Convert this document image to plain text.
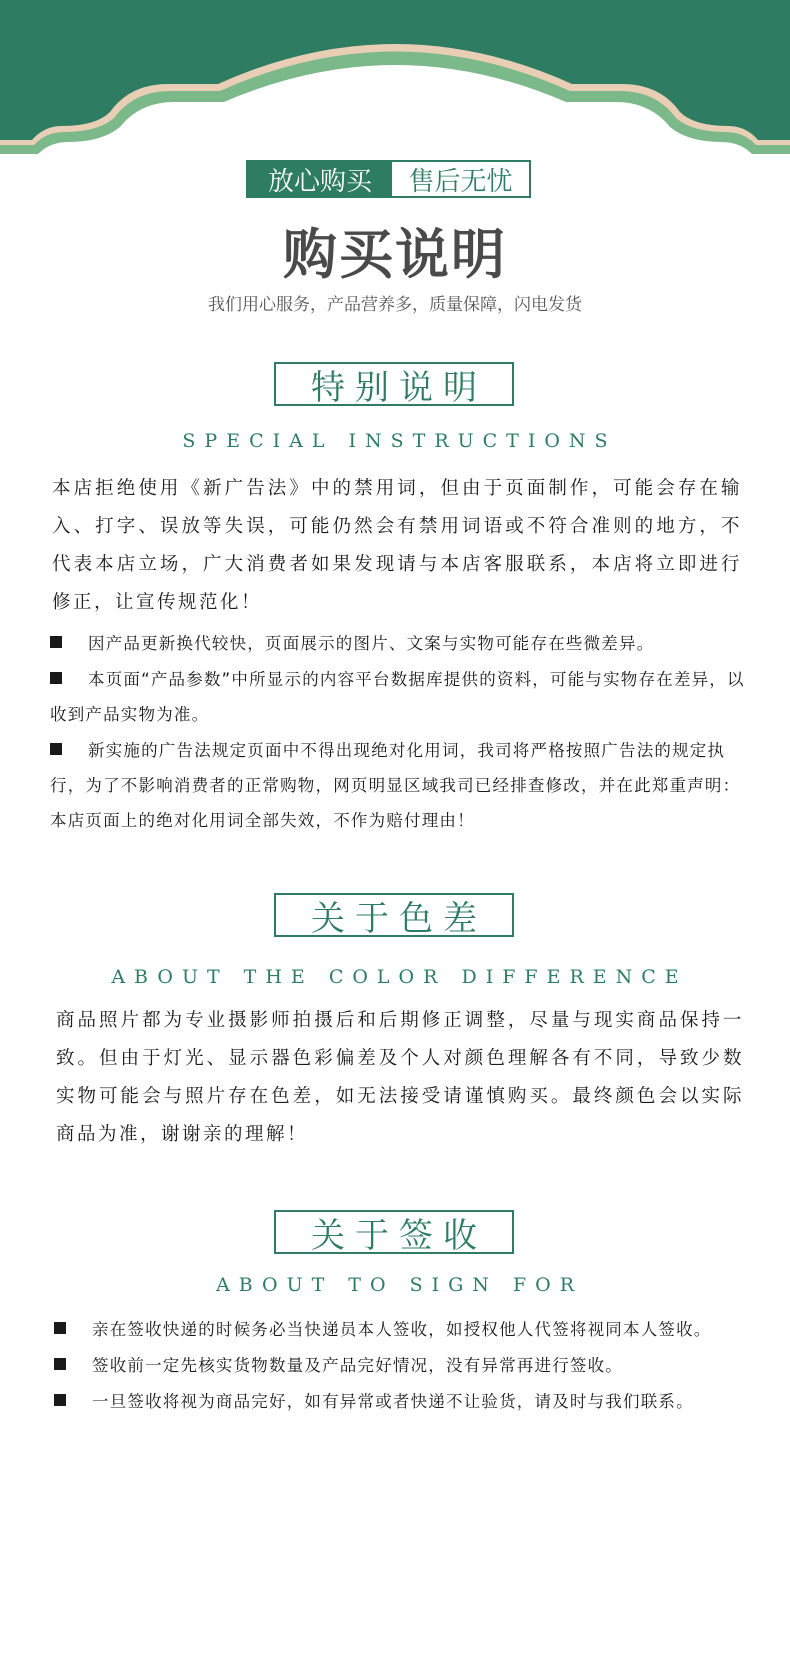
放心购买	售后无忧
购买说明
我们用心服务，产品营养多，质量保障，闪电发货
特别说明
SPECIAL INSTRUCTIONS
本店拒绝使用《新广告法》中的禁用词，但由于页面制作，可能会存在输入、打字、误放等失误，可能仍然会有禁用词语或不符合准则的地方，不代表本店立场，广大消费者如果发现请与本店客服联系，本店将立即进行修正，让宣传规范化！
因产品更新换代较快，页面展示的图片、文案与实物可能存在些微差异。
本页面“产品参数”中所显示的内容平台数据库提供的资料，可能与实物存在差异，以收到产品实物为准。
新实施的广告法规定页面中不得出现绝对化用词，我司将严格按照广告法的规定执行，为了不影响消费者的正常购物，网页明显区域我司已经排查修改，并在此郑重声明：本店页面上的绝对化用词全部失效，不作为赔付理由！
关于色差
ABOUT THE COLOR DIFFERENCE
商品照片都为专业摄影师拍摄后和后期修正调整，尽量与现实商品保持一致。但由于灯光、显示器色彩偏差及个人对颜色理解各有不同，导致少数实物可能会与照片存在色差，如无法接受请谨慎购买。最终颜色会以实际商品为准，谢谢亲的理解！
关于签收
ABOUT TO SIGN FOR
亲在签收快递的时候务必当快递员本人签收，如授权他人代签将视同本人签收。
签收前一定先核实货物数量及产品完好情况，没有异常再进行签收。
一旦签收将视为商品完好，如有异常或者快递不让验货，请及时与我们联系。
